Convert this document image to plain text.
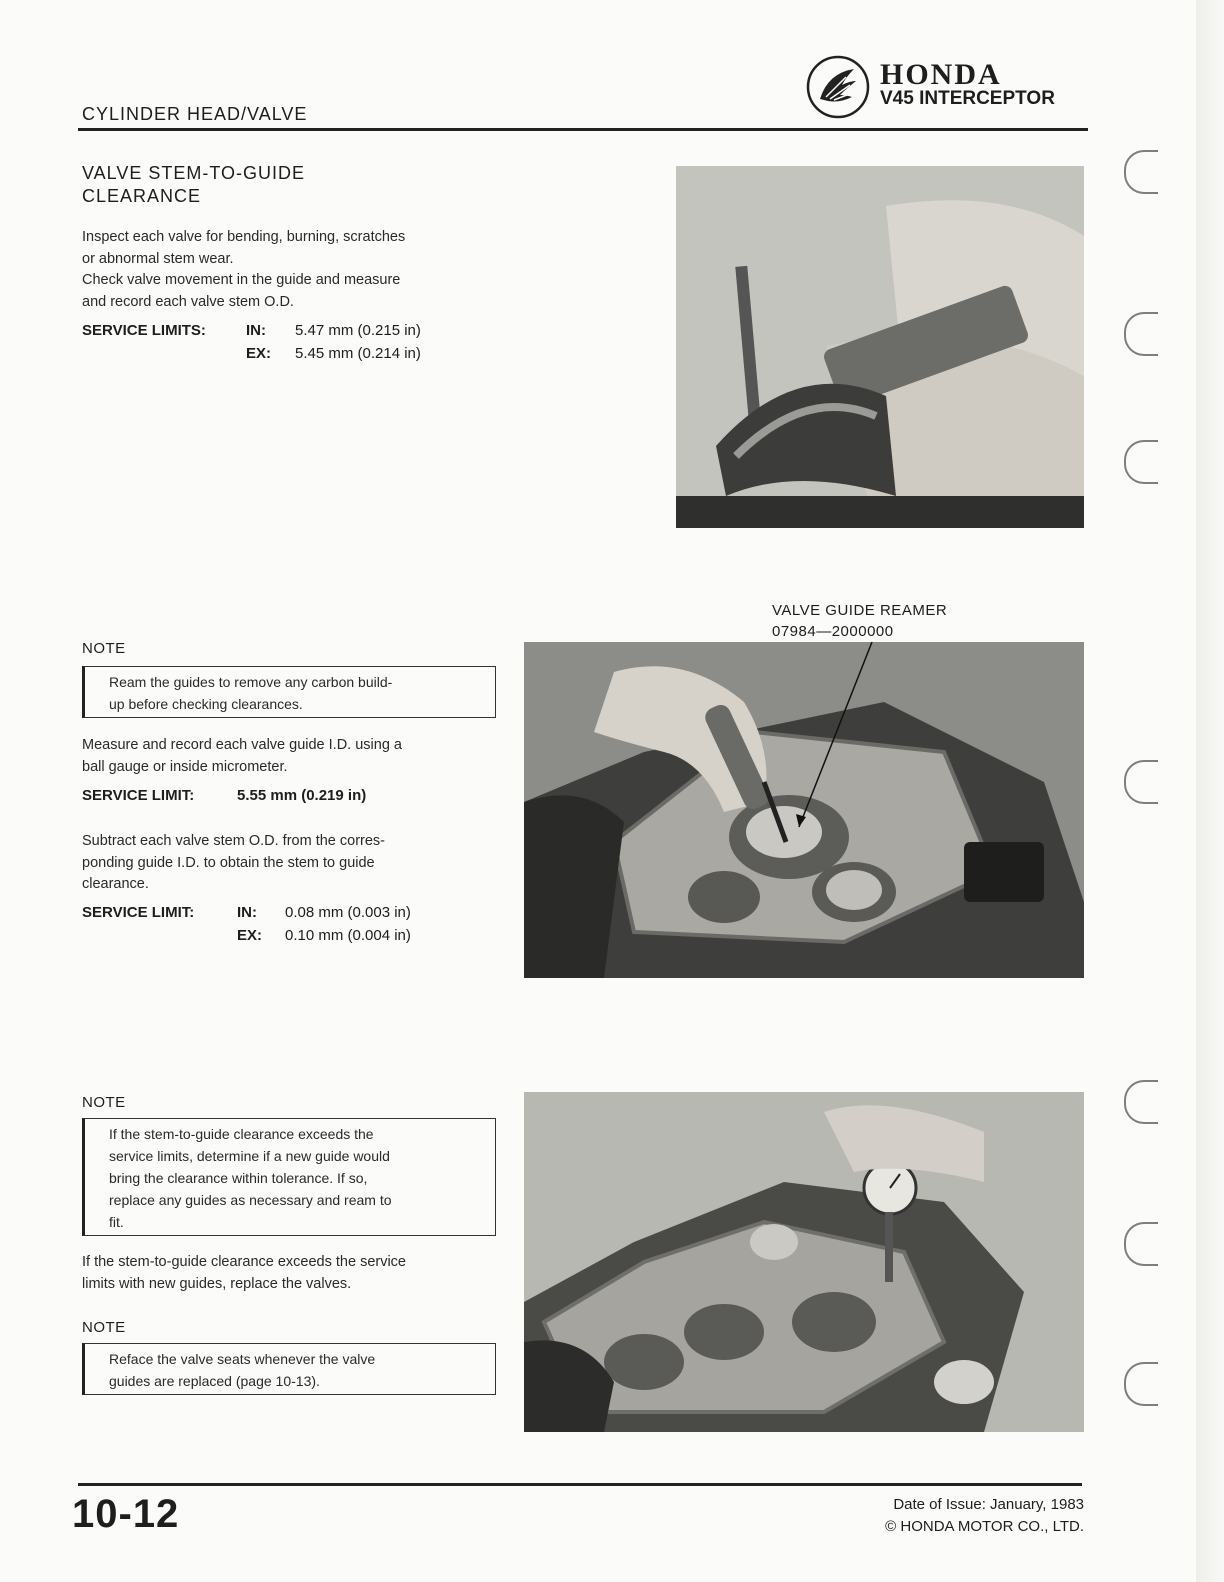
CYLINDER HEAD/VALVE
HONDA
V45 INTERCEPTOR
VALVE STEM-TO-GUIDE
CLEARANCE
Inspect each valve for bending, burning, scratches
or abnormal stem wear.
Check valve movement in the guide and measure
and record each valve stem O.D.
SERVICE LIMITS:	IN: 5.47 mm (0.215 in)
EX: 5.45 mm (0.214 in)
VALVE GUIDE REAMER
07984—2000000
NOTE
Ream the guides to remove any carbon build-
up before checking clearances.
Measure and record each valve guide I.D. using a
ball gauge or inside micrometer.
SERVICE LIMIT:	5.55 mm (0.219 in)
Subtract each valve stem O.D. from the corres-
ponding guide I.D. to obtain the stem to guide
clearance.
SERVICE LIMIT:	IN: 0.08 mm (0.003 in)
EX: 0.10 mm (0.004 in)
NOTE
If the stem-to-guide clearance exceeds the
service limits, determine if a new guide would
bring the clearance within tolerance. If so,
replace any guides as necessary and ream to
fit.
If the stem-to-guide clearance exceeds the service
limits with new guides, replace the valves.
NOTE
Reface the valve seats whenever the valve
guides are replaced (page 10-13).
10-12	Date of Issue: January, 1983
© HONDA MOTOR CO., LTD.
